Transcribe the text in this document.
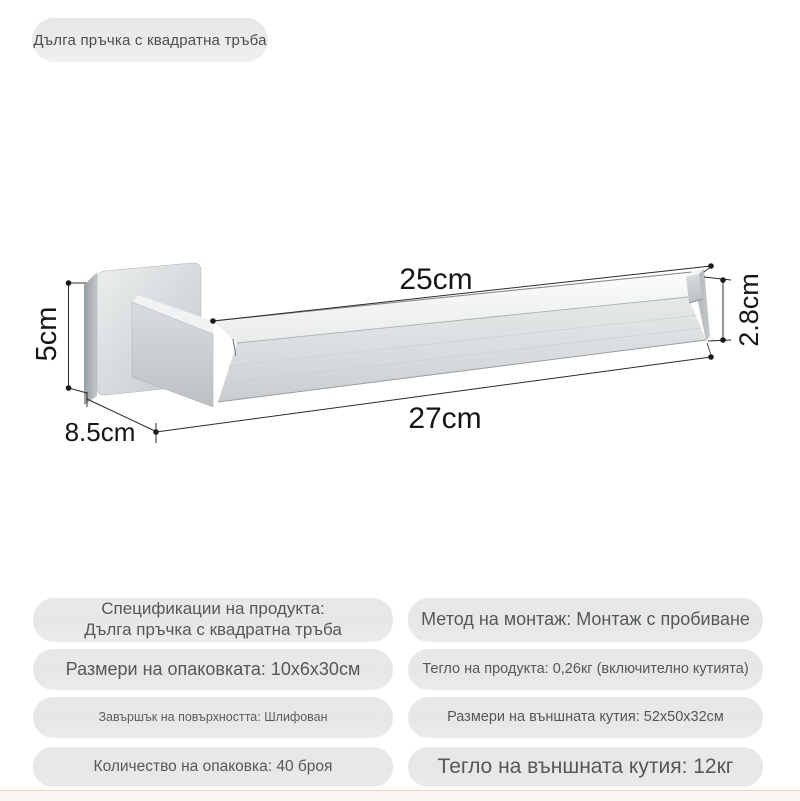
Дълга пръчка с квадратна тръба
25cm
27cm
8.5cm
5cm	2.8cm
Спецификации на продукта:
Дълга пръчка с квадратна тръба
Размери на опаковката: 10x6x30см
Завършък на повърхността: Шлифован
Количество на опаковка: 40 броя
Метод на монтаж: Монтаж с пробиване
Тегло на продукта: 0,26кг (включително кутията)
Размери на външната кутия: 52x50x32см
Тегло на външната кутия: 12кг
